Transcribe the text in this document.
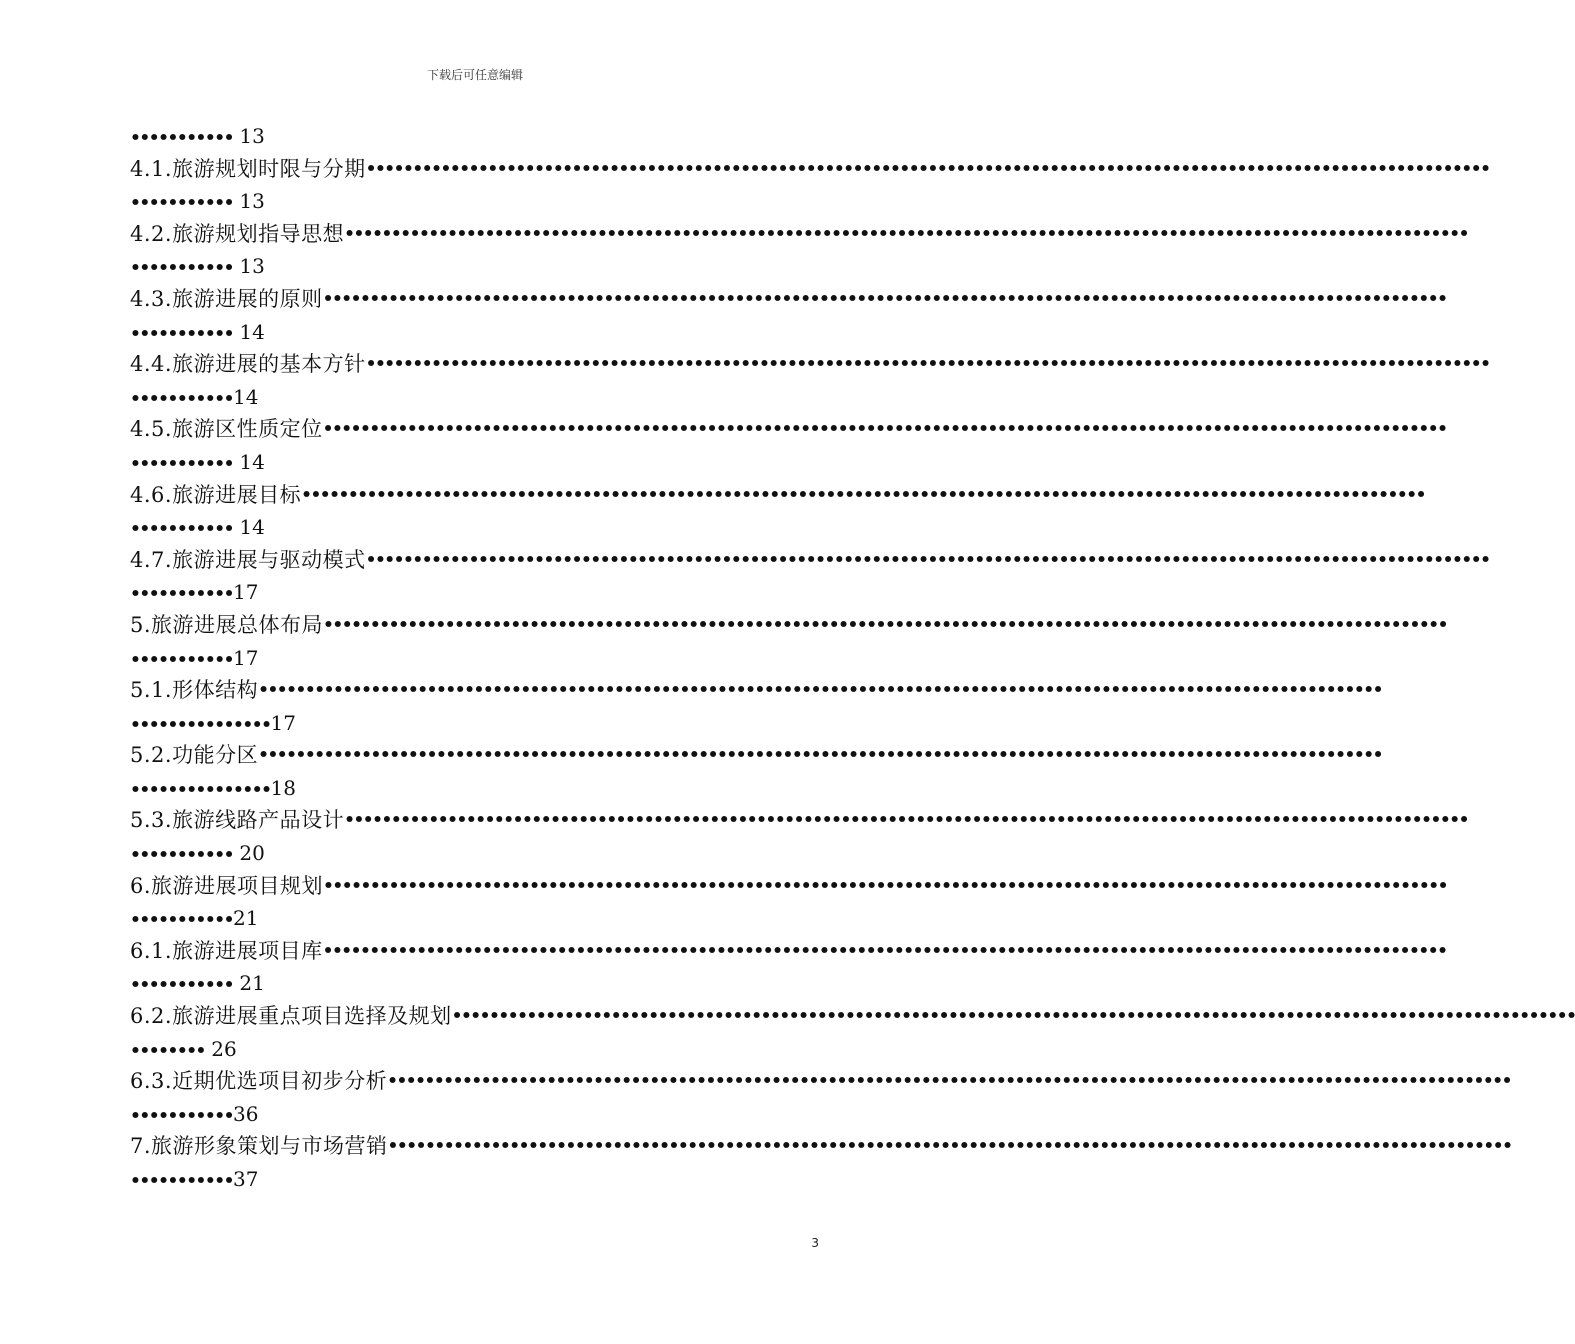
下载后可任意编辑
••••••••••• 13
4.1.旅游规划时限与分期 ••••••••••••••••••••••••••••••••••••••••••••••••••••••••••••••••••••••••••••••••••••••••••••••••••••••••••••••••••••••••
••••••••••• 13
4.2.旅游规划指导思想 ••••••••••••••••••••••••••••••••••••••••••••••••••••••••••••••••••••••••••••••••••••••••••••••••••••••••••••••••••••••••
••••••••••• 13
4.3.旅游进展的原则 ••••••••••••••••••••••••••••••••••••••••••••••••••••••••••••••••••••••••••••••••••••••••••••••••••••••••••••••••••••••••
••••••••••• 14
4.4.旅游进展的基本方针 ••••••••••••••••••••••••••••••••••••••••••••••••••••••••••••••••••••••••••••••••••••••••••••••••••••••••••••••••••••••••
•••••••••••14
4.5.旅游区性质定位 ••••••••••••••••••••••••••••••••••••••••••••••••••••••••••••••••••••••••••••••••••••••••••••••••••••••••••••••••••••••••
••••••••••• 14
4.6.旅游进展目标 ••••••••••••••••••••••••••••••••••••••••••••••••••••••••••••••••••••••••••••••••••••••••••••••••••••••••••••••••••••••••
••••••••••• 14
4.7.旅游进展与驱动模式 ••••••••••••••••••••••••••••••••••••••••••••••••••••••••••••••••••••••••••••••••••••••••••••••••••••••••••••••••••••••••
•••••••••••17
5.旅游进展总体布局 ••••••••••••••••••••••••••••••••••••••••••••••••••••••••••••••••••••••••••••••••••••••••••••••••••••••••••••••••••••••••
•••••••••••17
5.1.形体结构 ••••••••••••••••••••••••••••••••••••••••••••••••••••••••••••••••••••••••••••••••••••••••••••••••••••••••••••••••••••••••
•••••••••••••••17
5.2.功能分区 ••••••••••••••••••••••••••••••••••••••••••••••••••••••••••••••••••••••••••••••••••••••••••••••••••••••••••••••••••••••••
•••••••••••••••18
5.3.旅游线路产品设计 ••••••••••••••••••••••••••••••••••••••••••••••••••••••••••••••••••••••••••••••••••••••••••••••••••••••••••••••••••••••••
••••••••••• 20
6.旅游进展项目规划 ••••••••••••••••••••••••••••••••••••••••••••••••••••••••••••••••••••••••••••••••••••••••••••••••••••••••••••••••••••••••
•••••••••••21
6.1.旅游进展项目库 ••••••••••••••••••••••••••••••••••••••••••••••••••••••••••••••••••••••••••••••••••••••••••••••••••••••••••••••••••••••••
••••••••••• 21
6.2.旅游进展重点项目选择及规划 ••••••••••••••••••••••••••••••••••••••••••••••••••••••••••••••••••••••••••••••••••••••••••••••••••••••••••••••••••••••••
•••••••• 26
6.3.近期优选项目初步分析 ••••••••••••••••••••••••••••••••••••••••••••••••••••••••••••••••••••••••••••••••••••••••••••••••••••••••••••••••••••••••
•••••••••••36
7.旅游形象策划与市场营销 ••••••••••••••••••••••••••••••••••••••••••••••••••••••••••••••••••••••••••••••••••••••••••••••••••••••••••••••••••••••••
•••••••••••37
3
